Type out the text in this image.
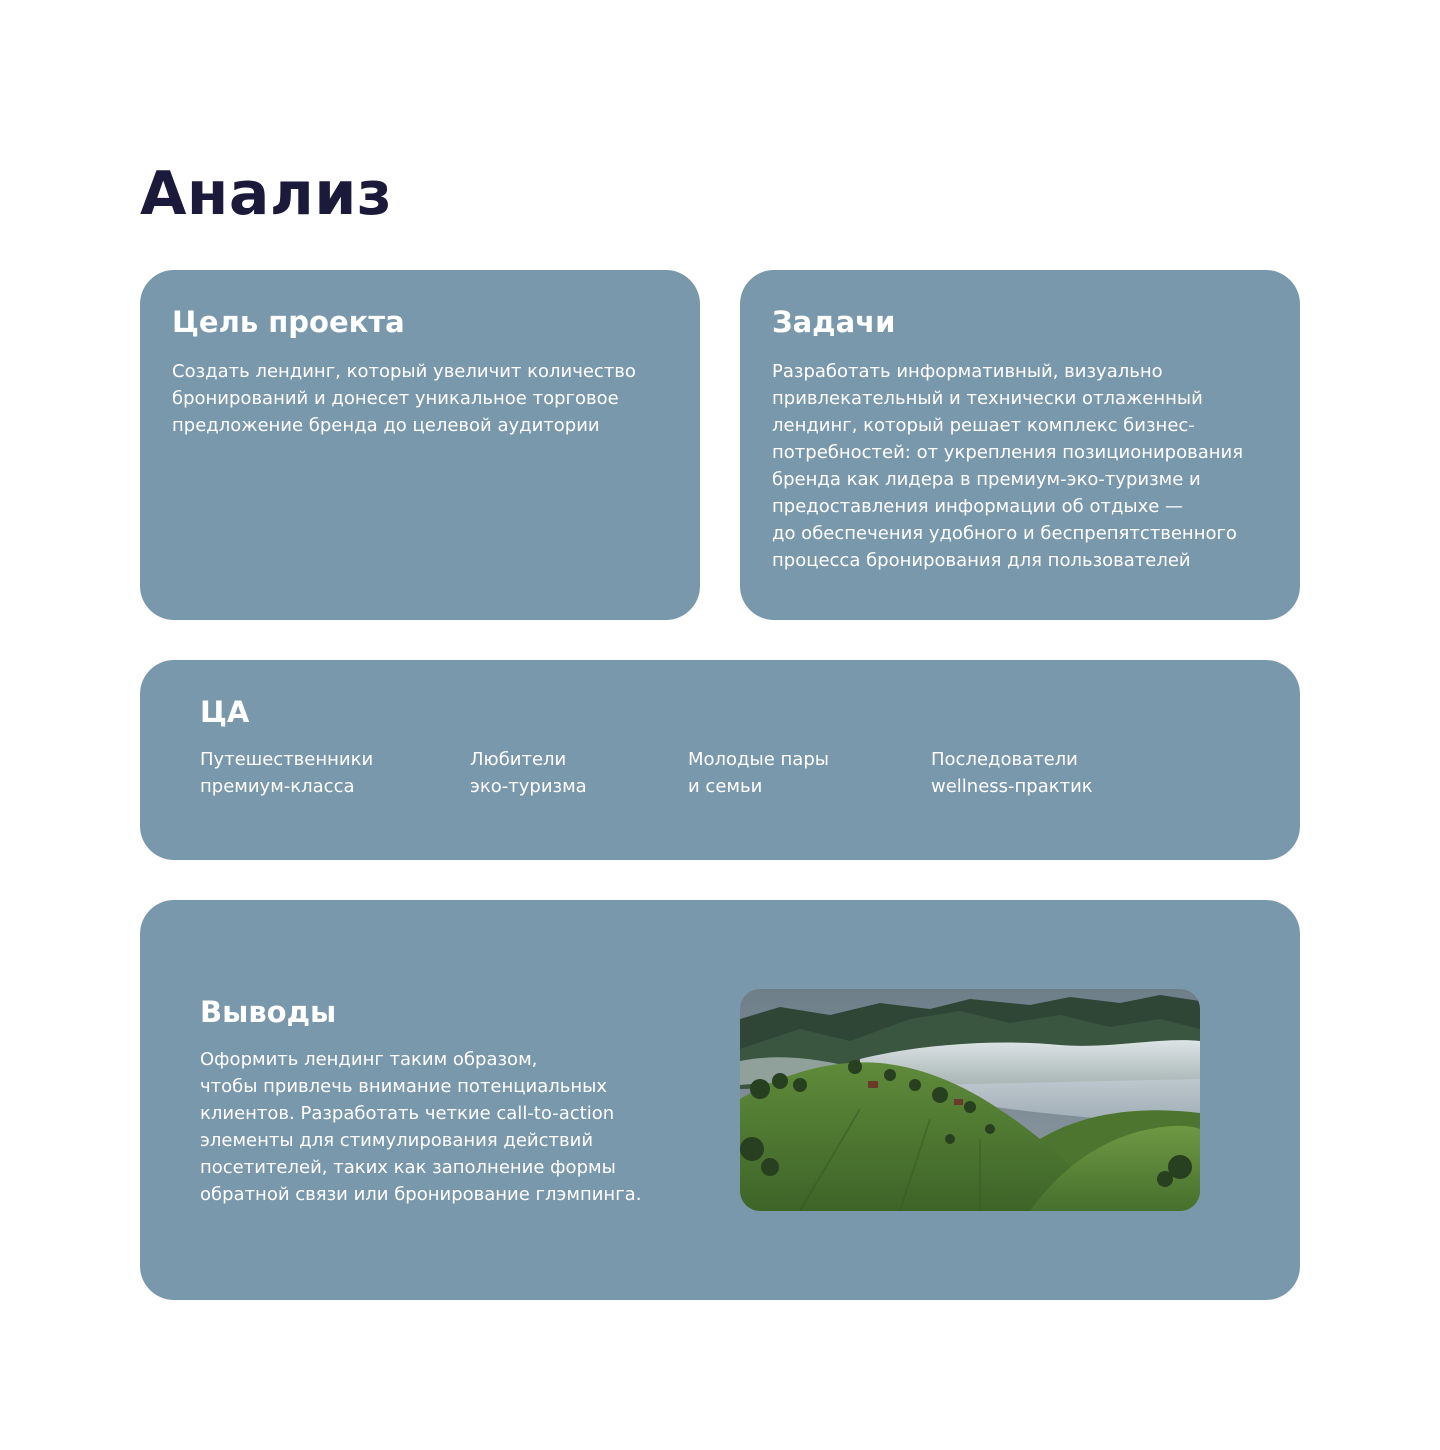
Анализ
Цель проекта

Создать лендинг, который увеличит количество
бронирований и донесет уникальное торговое
предложение бренда до целевой аудитории

Задачи

Разработать информативный, визуально
привлекательный и технически отлаженный
лендинг, который решает комплекс бизнес-
потребностей: от укрепления позиционирования
бренда как лидера в премиум-эко-туризме и
предоставления информации об отдыхе —
до обеспечения удобного и беспрепятственного
процесса бронирования для пользователей

ЦА
Путешественники
премиум-класса
Любители
эко-туризма
Молодые пары
и семьи
Последователи
wellness-практик
Выводы

Оформить лендинг таким образом,
чтобы привлечь внимание потенциальных
клиентов. Разработать четкие call-to-action
элементы для стимулирования действий
посетителей, таких как заполнение формы
обратной связи или бронирование глэмпинга.
